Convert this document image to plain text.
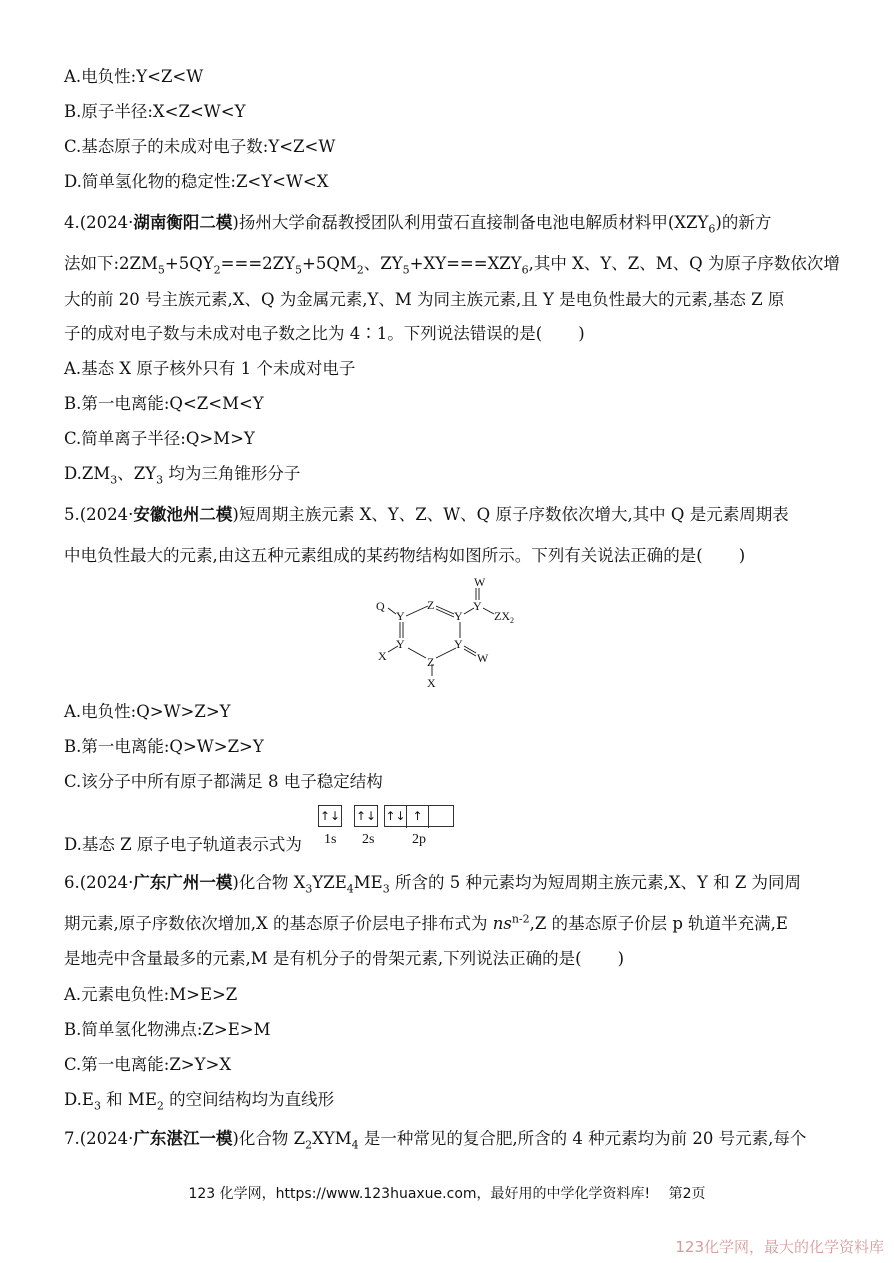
A.电负性:Y<Z<W
B.原子半径:X<Z<W<Y
C.基态原子的未成对电子数:Y<Z<W
D.简单氢化物的稳定性:Z<Y<W<X
4.(2024·湖南衡阳二模)扬州大学俞磊教授团队利用萤石直接制备电池电解质材料甲$(XZY_6)$的新方
法如下$:2ZM_5+5QY_2===2ZY_5+5QM_2$、$ZY_5+XY===XZY_6$,其中 X、Y、Z、M、Q 为原子序数依次增
大的前 20 号主族元素,X、Q 为金属元素,Y、M 为同主族元素,且 Y 是电负性最大的元素,基态 Z 原
子的成对电子数与未成对电子数之比为 4∶1。下列说法错误的是( )
A.基态 X 原子核外只有 1 个未成对电子
B.第一电离能:Q<Z<M<Y
C.简单离子半径:Q>M>Y
$D.ZM_3$、$ZY_3$ 均为三角锥形分子
5.(2024·安徽池州二模)短周期主族元素 X、Y、Z、W、Q 原子序数依次增大,其中 Q 是元素周期表
中电负性最大的元素,由这五种元素组成的某药物结构如图所示。下列有关说法正确的是( )
Q
Y
Z
Y
W
Y
$ZX_2$
Y	Y
W
X	Z
X
A.电负性:Q>W>Z>Y
B.第一电离能:Q>W>Z>Y
C.该分子中所有原子都满足 8 电子稳定结构
D.基态 Z 原子电子轨道表示式为
↑↓ ↑↓ ↑↓ ↑
1s 2s	2p
6.(2024·广东广州一模)化合物 $X_3YZE_4ME_3$ 所含的 5 种元素均为短周期主族元素,X、Y 和 Z 为同周
期元素,原子序数依次增加,X 的基态原子价层电子排布式为 $ns^{n-2},Z$ 的基态原子价层 p 轨道半充满,E
是地壳中含量最多的元素,M 是有机分子的骨架元素,下列说法正确的是( )
A.元素电负性:M>E>Z
B.简单氢化物沸点:Z>E>M
C.第一电离能:Z>Y>X
$D.E_3$ 和 $ME_2$ 的空间结构均为直线形
7.(2024·广东湛江一模)化合物 $Z_2XYM_4$ 是一种常见的复合肥,所含的 4 种元素均为前 20 号元素,每个
123 化学网，https://www.123huaxue.com，最好用的中学化学资料库!　 第2页
123化学网，最大的化学资料库
